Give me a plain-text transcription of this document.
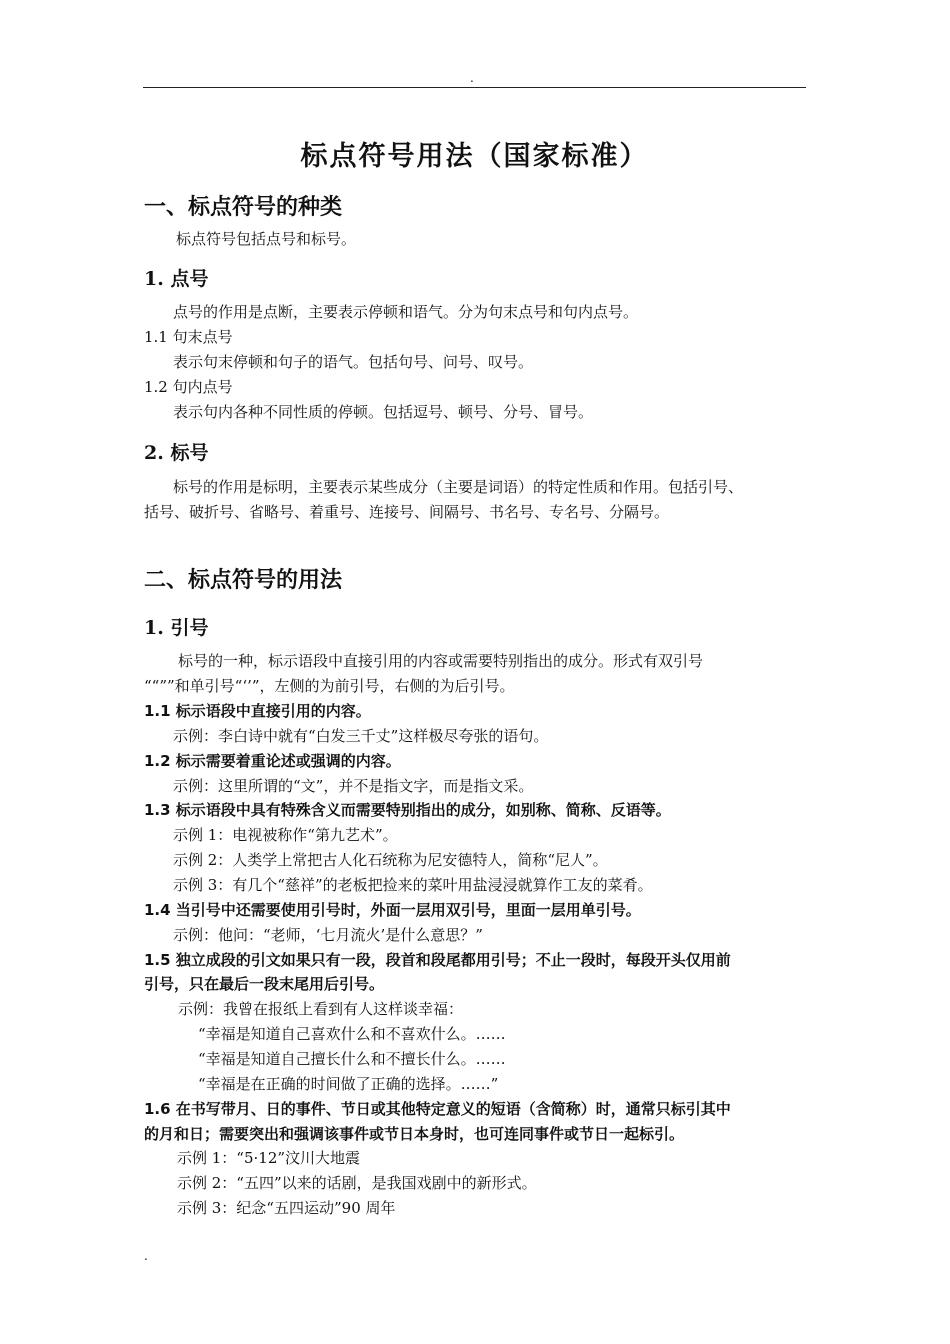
.
标点符号用法（国家标准）
一、标点符号的种类
标点符号包括点号和标号。
1. 点号
点号的作用是点断，主要表示停顿和语气。分为句末点号和句内点号。
1.1 句末点号
表示句末停顿和句子的语气。包括句号、问号、叹号。
1.2 句内点号
表示句内各种不同性质的停顿。包括逗号、顿号、分号、冒号。
2. 标号
标号的作用是标明，主要表示某些成分（主要是词语）的特定性质和作用。包括引号、
括号、破折号、省略号、着重号、连接号、间隔号、书名号、专名号、分隔号。
二、标点符号的用法
1. 引号
标号的一种，标示语段中直接引用的内容或需要特别指出的成分。形式有双引号
““””和单引号“‘’”，左侧的为前引号，右侧的为后引号。
1.1 标示语段中直接引用的内容。
示例：李白诗中就有“白发三千丈”这样极尽夸张的语句。
1.2 标示需要着重论述或强调的内容。
示例：这里所谓的“文”，并不是指文字，而是指文采。
1.3 标示语段中具有特殊含义而需要特别指出的成分，如别称、简称、反语等。
示例 1：电视被称作“第九艺术”。
示例 2：人类学上常把古人化石统称为尼安德特人，简称“尼人”。
示例 3：有几个“慈祥”的老板把捡来的菜叶用盐浸浸就算作工友的菜肴。
1.4 当引号中还需要使用引号时，外面一层用双引号，里面一层用单引号。
示例：他问：“老师，‘七月流火’是什么意思？”
1.5 独立成段的引文如果只有一段，段首和段尾都用引号；不止一段时，每段开头仅用前
引号，只在最后一段末尾用后引号。
示例：我曾在报纸上看到有人这样谈幸福：
“幸福是知道自己喜欢什么和不喜欢什么。……
“幸福是知道自己擅长什么和不擅长什么。……
“幸福是在正确的时间做了正确的选择。……”
1.6 在书写带月、日的事件、节日或其他特定意义的短语（含简称）时，通常只标引其中
的月和日；需要突出和强调该事件或节日本身时，也可连同事件或节日一起标引。
示例 1：“5·12”汶川大地震
示例 2：“五四”以来的话剧，是我国戏剧中的新形式。
示例 3：纪念“五四运动”90 周年
.
